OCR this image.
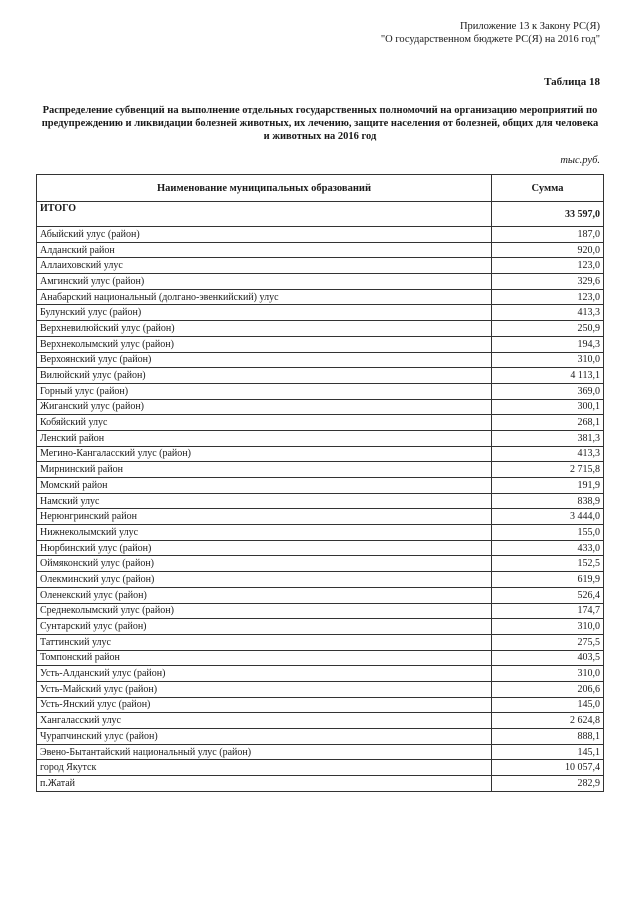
Приложение 13 к Закону РС(Я)
"О государственном бюджете РС(Я) на 2016 год"
Таблица 18
Распределение субвенций на выполнение отдельных государственных полномочий на организацию мероприятий по предупреждению и ликвидации болезней животных, их лечению, защите населения от болезней, общих для человека и животных на 2016 год
тыс.руб.
Наименование муниципальных образований	Сумма
ИТОГО	33 597,0
Абыйский улус (район)	187,0
Алданский район	920,0
Аллаиховский улус	123,0
Амгинский улус (район)	329,6
Анабарский национальный (долгано-эвенкийский) улус	123,0
Булунский улус (район)	413,3
Верхневилюйский улус (район)	250,9
Верхнеколымский улус (район)	194,3
Верхоянский улус (район)	310,0
Вилюйский улус (район)	4 113,1
Горный улус (район)	369,0
Жиганский улус (район)	300,1
Кобяйский улус	268,1
Ленский район	381,3
Мегино-Кангаласский улус (район)	413,3
Мирнинский район	2 715,8
Момский район	191,9
Намский улус	838,9
Нерюнгринский район	3 444,0
Нижнеколымский улус	155,0
Нюрбинский улус (район)	433,0
Оймяконский улус (район)	152,5
Олекминский улус (район)	619,9
Оленекский улус (район)	526,4
Среднеколымский улус (район)	174,7
Сунтарский улус (район)	310,0
Таттинский улус	275,5
Томпонский район	403,5
Усть-Алданский улус (район)	310,0
Усть-Майский улус (район)	206,6
Усть-Янский улус (район)	145,0
Хангаласский улус	2 624,8
Чурапчинский улус (район)	888,1
Эвено-Бытантайский национальный улус (район)	145,1
город Якутск	10 057,4
п.Жатай	282,9
